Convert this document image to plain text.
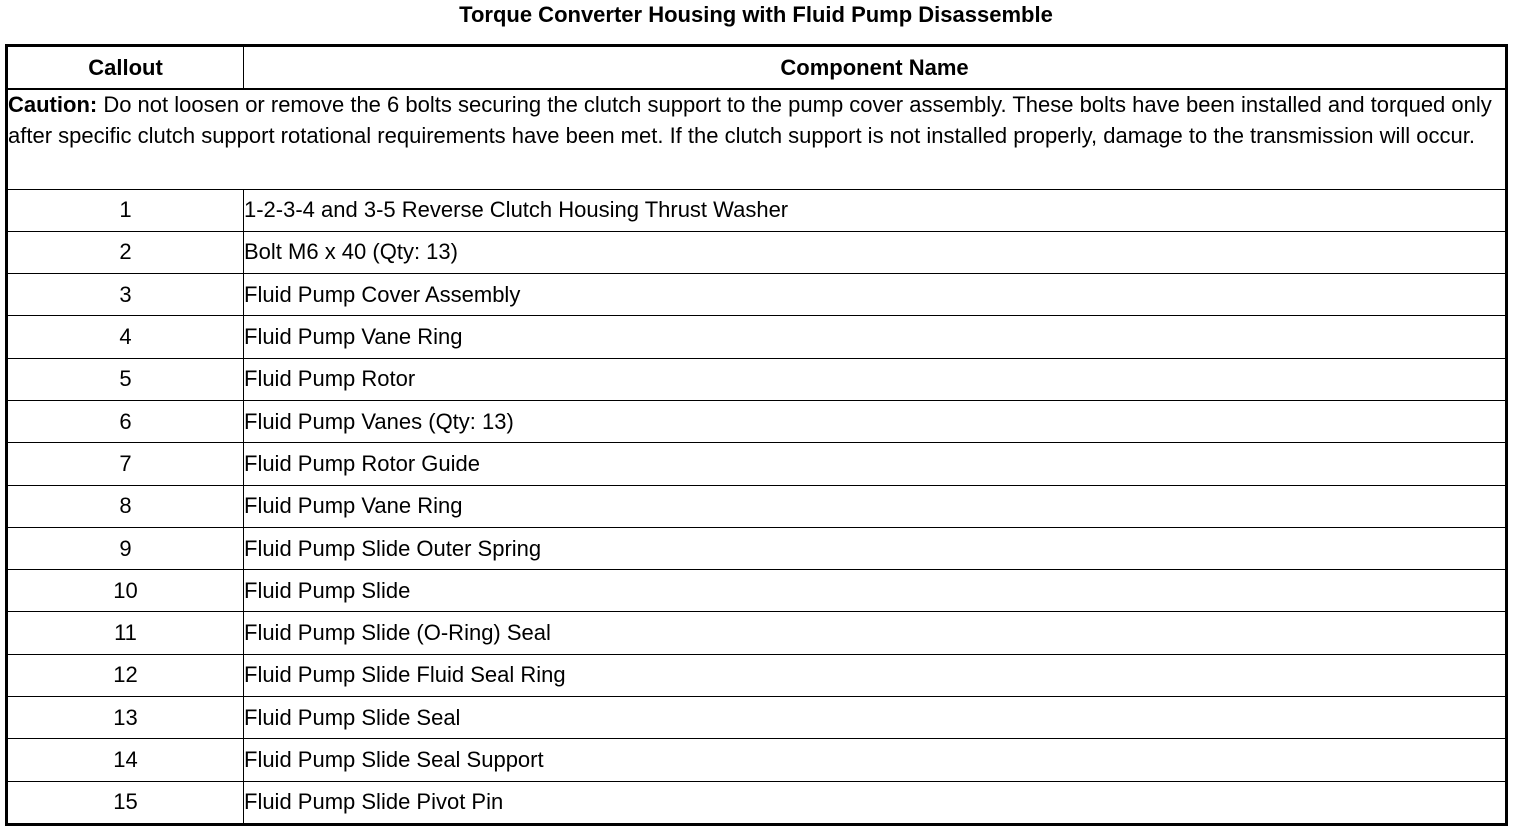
Torque Converter Housing with Fluid Pump Disassemble
Callout	Component Name
Caution: Do not loosen or remove the 6 bolts securing the clutch support to the pump cover assembly. These bolts have been installed and torqued only after specific clutch support rotational requirements have been met. If the clutch support is not installed properly, damage to the transmission will occur.	
1	1-2-3-4 and 3-5 Reverse Clutch Housing Thrust Washer
2	Bolt M6 x 40 (Qty: 13)
3	Fluid Pump Cover Assembly
4	Fluid Pump Vane Ring
5	Fluid Pump Rotor
6	Fluid Pump Vanes (Qty: 13)
7	Fluid Pump Rotor Guide
8	Fluid Pump Vane Ring
9	Fluid Pump Slide Outer Spring
10	Fluid Pump Slide
11	Fluid Pump Slide (O-Ring) Seal
12	Fluid Pump Slide Fluid Seal Ring
13	Fluid Pump Slide Seal
14	Fluid Pump Slide Seal Support
15	Fluid Pump Slide Pivot Pin
